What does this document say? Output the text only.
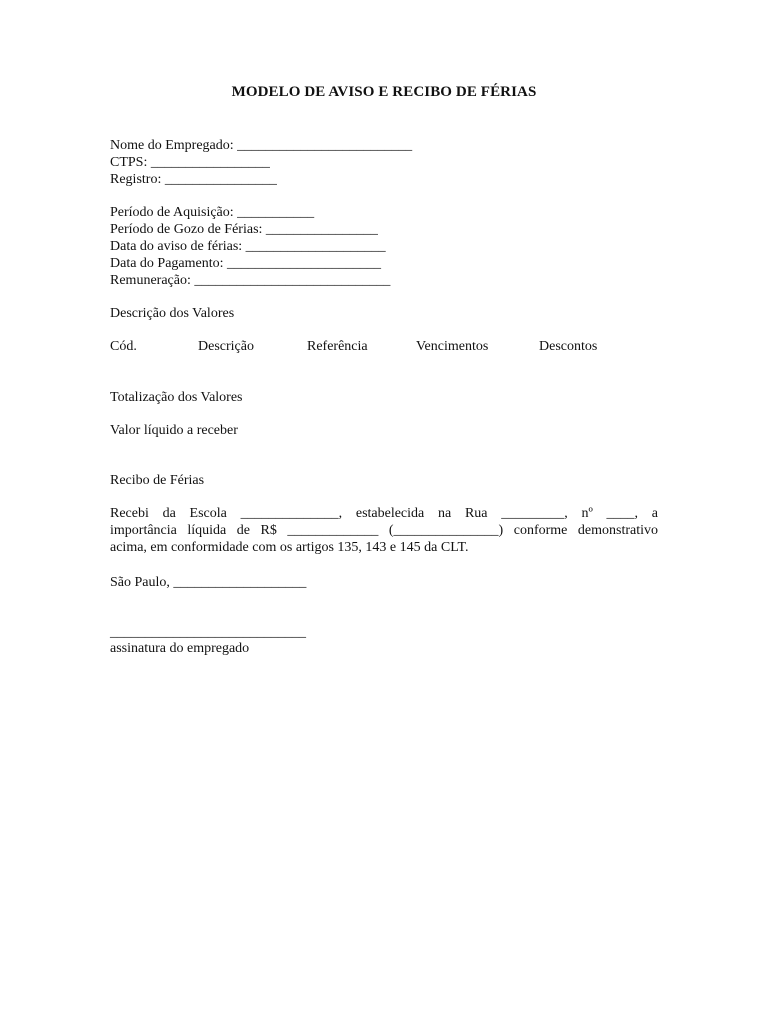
MODELO DE AVISO E RECIBO DE FÉRIAS
Nome do Empregado: _________________________
CTPS: _________________
Registro: ________________
Período de Aquisição: ___________
Período de Gozo de Férias: ________________
Data do aviso de férias: ____________________
Data do Pagamento: ______________________
Remuneração: ____________________________
Descrição dos Valores
Cód.	Descrição	Referência	Vencimentos	Descontos
Totalização dos Valores
Valor líquido a receber
Recibo de Férias
Recebi da Escola ______________, estabelecida na Rua _________, nº ____, a
importância líquida de R$ _____________ (_______________) conforme demonstrativo
acima, em conformidade com os artigos 135, 143 e 145 da CLT.
São Paulo, ___________________
____________________________
assinatura do empregado
